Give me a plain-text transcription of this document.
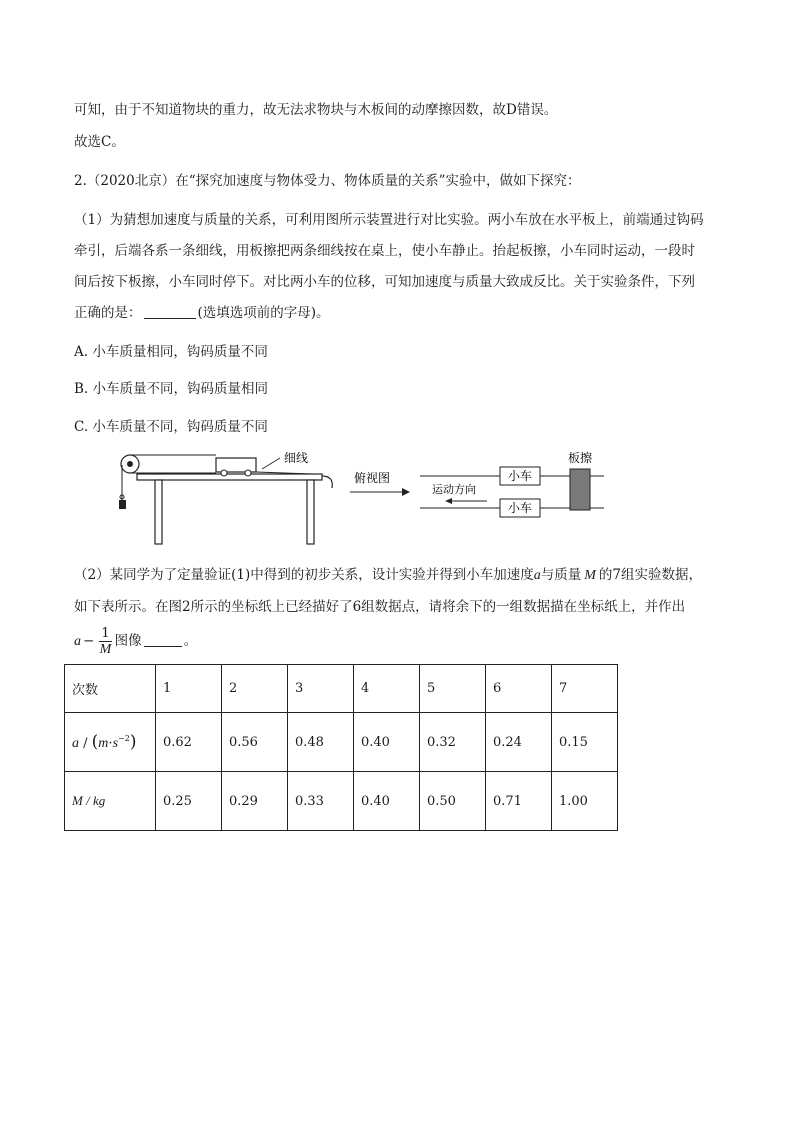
可知，由于不知道物块的重力，故无法求物块与木板间的动摩擦因数，故D错误。
故选C。
2.（2020北京）在“探究加速度与物体受力、物体质量的关系”实验中，做如下探究：
（1）为猜想加速度与质量的关系，可利用图所示装置进行对比实验。两小车放在水平板上，前端通过钩码
牵引，后端各系一条细线，用板擦把两条细线按在桌上，使小车静止。抬起板擦，小车同时运动，一段时
间后按下板擦，小车同时停下。对比两小车的位移，可知加速度与质量大致成反比。关于实验条件，下列
正确的是：	(选填选项前的字母)。
A. 小车质量相同，钩码质量不同
B. 小车质量不同，钩码质量相同
C. 小车质量不同，钩码质量不同
细线
俯视图	小车
小车
板擦
运动方向
（2）某同学为了定量验证(1)中得到的初步关系，设计实验并得到小车加速度a与质量 M 的7组实验数据，
如下表所示。在图2所示的坐标纸上已经描好了6组数据点，请将余下的一组数据描在坐标纸上，并作出
$a - \frac{1}{M}$ 图像	。
次数	1	2	3	4	5	6	7
$a / (m\cdot s^{-2})$	0.62	0.56	0.48	0.40	0.32	0.24	0.15
M / kg	0.25	0.29	0.33	0.40	0.50	0.71	1.00
